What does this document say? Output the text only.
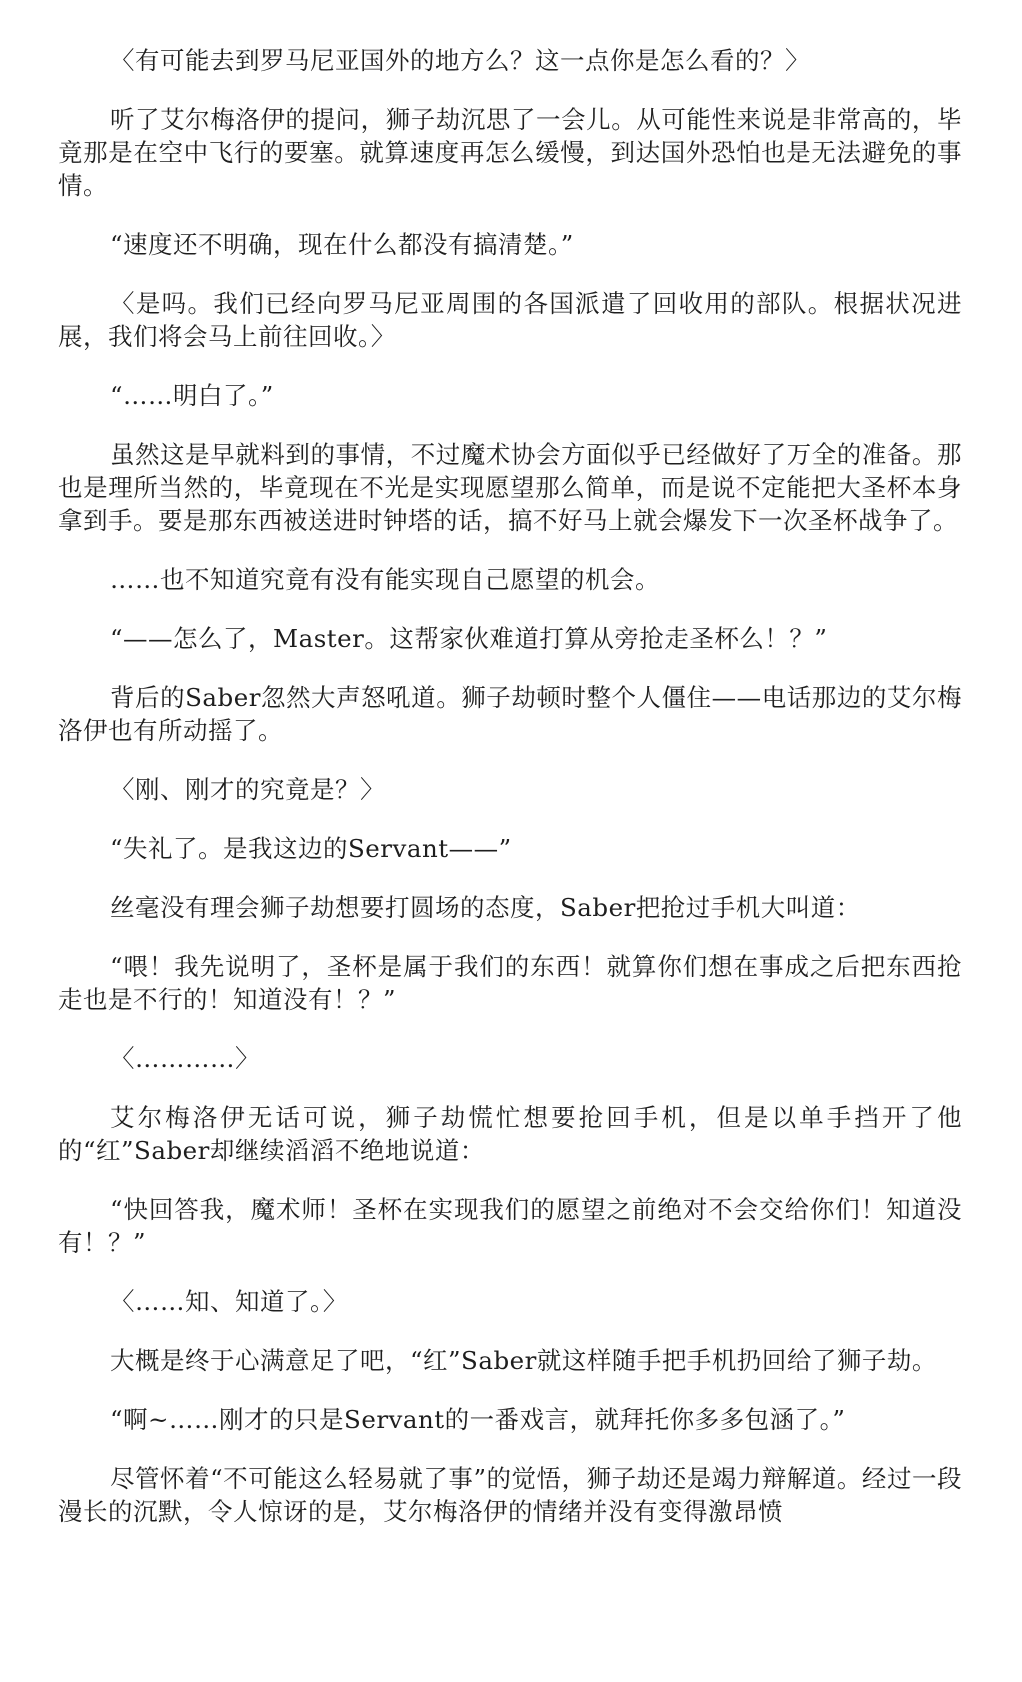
〈有可能去到罗马尼亚国外的地方么？这一点你是怎么看的？〉

听了艾尔梅洛伊的提问，狮子劫沉思了一会儿。从可能性来说是非常高的，毕竟那是在空中飞行的要塞。就算速度再怎么缓慢，到达国外恐怕也是无法避免的事情。

“速度还不明确，现在什么都没有搞清楚。”

〈是吗。我们已经向罗马尼亚周围的各国派遣了回收用的部队。根据状况进展，我们将会马上前往回收。〉

“……明白了。”

虽然这是早就料到的事情，不过魔术协会方面似乎已经做好了万全的准备。那也是理所当然的，毕竟现在不光是实现愿望那么简单，而是说不定能把大圣杯本身拿到手。要是那东西被送进时钟塔的话，搞不好马上就会爆发下一次圣杯战争了。

……也不知道究竟有没有能实现自己愿望的机会。

“——怎么了，Master。这帮家伙难道打算从旁抢走圣杯么！？”

背后的Saber忽然大声怒吼道。狮子劫顿时整个人僵住——电话那边的艾尔梅洛伊也有所动摇了。

〈刚、刚才的究竟是？〉

“失礼了。是我这边的Servant——”

丝毫没有理会狮子劫想要打圆场的态度，Saber把抢过手机大叫道：

“喂！我先说明了，圣杯是属于我们的东西！就算你们想在事成之后把东西抢走也是不行的！知道没有！？”

〈…………〉

艾尔梅洛伊无话可说，狮子劫慌忙想要抢回手机，但是以单手挡开了他的“红”Saber却继续滔滔不绝地说道：

“快回答我，魔术师！圣杯在实现我们的愿望之前绝对不会交给你们！知道没有！？”

〈……知、知道了。〉

大概是终于心满意足了吧，“红”Saber就这样随手把手机扔回给了狮子劫。

“啊~……刚才的只是Servant的一番戏言，就拜托你多多包涵了。”

尽管怀着“不可能这么轻易就了事”的觉悟，狮子劫还是竭力辩解道。经过一段漫长的沉默，令人惊讶的是，艾尔梅洛伊的情绪并没有变得激昂愤
